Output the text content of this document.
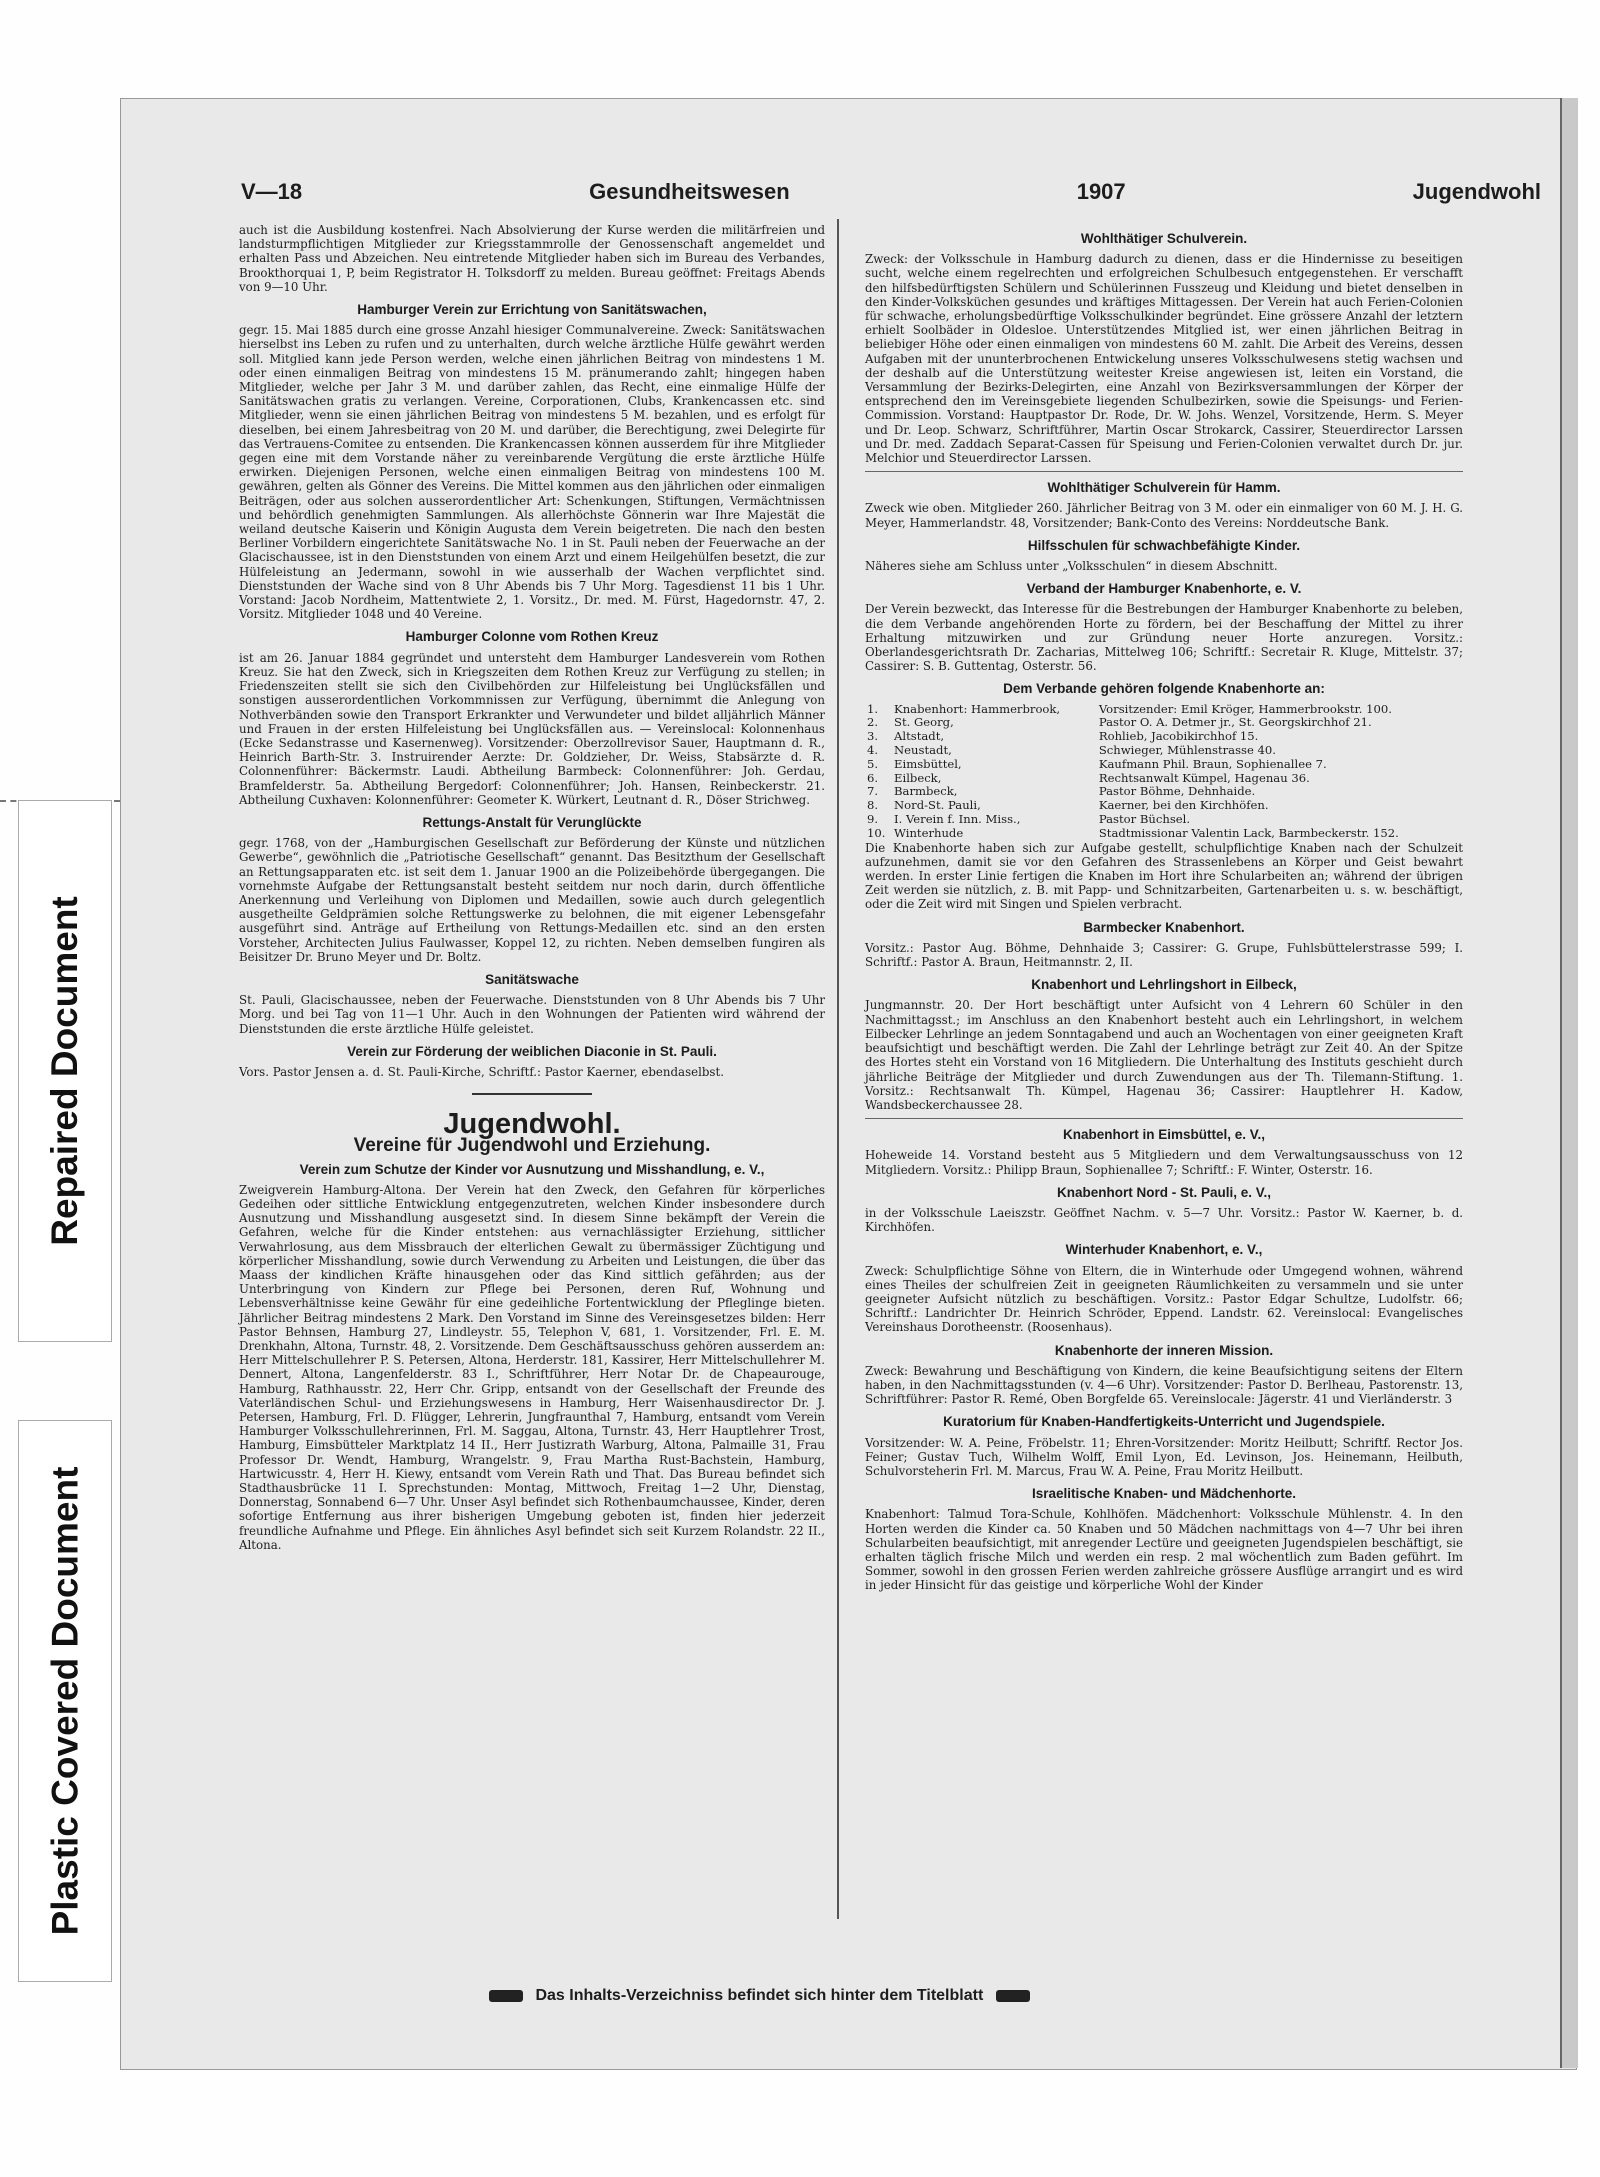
Repaired Document
Plastic Covered Document
V—18	Gesundheitswesen	1907	Jugendwohl

auch ist die Ausbildung kostenfrei. Nach Absolvierung der Kurse werden die militärfreien und landsturmpflichtigen Mitglieder zur Kriegsstammrolle der Genossenschaft angemeldet und erhalten Pass und Abzeichen. Neu eintretende Mitglieder haben sich im Bureau des Verbandes, Brookthorquai 1, P, beim Registrator H. Tolksdorff zu melden. Bureau geöffnet: Freitags Abends von 9—10 Uhr.

Hamburger Verein zur Errichtung von Sanitätswachen,

gegr. 15. Mai 1885 durch eine grosse Anzahl hiesiger Communalvereine. Zweck: Sanitätswachen hierselbst ins Leben zu rufen und zu unterhalten, durch welche ärztliche Hülfe gewährt werden soll. Mitglied kann jede Person werden, welche einen jährlichen Beitrag von mindestens 1 M. oder einen einmaligen Beitrag von mindestens 15 M. pränumerando zahlt; hingegen haben Mitglieder, welche per Jahr 3 M. und darüber zahlen, das Recht, eine einmalige Hülfe der Sanitätswachen gratis zu verlangen. Vereine, Corporationen, Clubs, Krankencassen etc. sind Mitglieder, wenn sie einen jährlichen Beitrag von mindestens 5 M. bezahlen, und es erfolgt für dieselben, bei einem Jahresbeitrag von 20 M. und darüber, die Berechtigung, zwei Delegirte für das Vertrauens-Comitee zu entsenden. Die Krankencassen können ausserdem für ihre Mitglieder gegen eine mit dem Vorstande näher zu vereinbarende Vergütung die erste ärztliche Hülfe erwirken. Diejenigen Personen, welche einen einmaligen Beitrag von mindestens 100 M. gewähren, gelten als Gönner des Vereins. Die Mittel kommen aus den jährlichen oder einmaligen Beiträgen, oder aus solchen ausserordentlicher Art: Schenkungen, Stiftungen, Vermächtnissen und behördlich genehmigten Sammlungen. Als allerhöchste Gönnerin war Ihre Majestät die weiland deutsche Kaiserin und Königin Augusta dem Verein beigetreten. Die nach den besten Berliner Vorbildern eingerichtete Sanitätswache No. 1 in St. Pauli neben der Feuerwache an der Glacischaussee, ist in den Dienststunden von einem Arzt und einem Heilgehülfen besetzt, die zur Hülfeleistung an Jedermann, sowohl in wie ausserhalb der Wachen verpflichtet sind. Dienststunden der Wache sind von 8 Uhr Abends bis 7 Uhr Morg. Tagesdienst 11 bis 1 Uhr. Vorstand: Jacob Nordheim, Mattentwiete 2, 1. Vorsitz., Dr. med. M. Fürst, Hagedornstr. 47, 2. Vorsitz. Mitglieder 1048 und 40 Vereine.

Hamburger Colonne vom Rothen Kreuz

ist am 26. Januar 1884 gegründet und untersteht dem Hamburger Landesverein vom Rothen Kreuz. Sie hat den Zweck, sich in Kriegszeiten dem Rothen Kreuz zur Verfügung zu stellen; in Friedenszeiten stellt sie sich den Civilbehörden zur Hilfeleistung bei Unglücksfällen und sonstigen ausserordentlichen Vorkommnissen zur Verfügung, übernimmt die Anlegung von Nothverbänden sowie den Transport Erkrankter und Verwundeter und bildet alljährlich Männer und Frauen in der ersten Hilfeleistung bei Unglücksfällen aus. — Vereinslocal: Kolonnenhaus (Ecke Sedanstrasse und Kasernenweg). Vorsitzender: Oberzollrevisor Sauer, Hauptmann d. R., Heinrich Barth-Str. 3. Instruirender Aerzte: Dr. Goldzieher, Dr. Weiss, Stabsärzte d. R. Colonnenführer: Bäckermstr. Laudi. Abtheilung Barmbeck: Colonnenführer: Joh. Gerdau, Bramfelderstr. 5a. Abtheilung Bergedorf: Colonnenführer; Joh. Hansen, Reinbeckerstr. 21. Abtheilung Cuxhaven: Kolonnenführer: Geometer K. Würkert, Leutnant d. R., Döser Strichweg.

Rettungs-Anstalt für Verunglückte

gegr. 1768, von der „Hamburgischen Gesellschaft zur Beförderung der Künste und nützlichen Gewerbe“, gewöhnlich die „Patriotische Gesellschaft“ genannt. Das Besitzthum der Gesellschaft an Rettungsapparaten etc. ist seit dem 1. Januar 1900 an die Polizeibehörde übergegangen. Die vornehmste Aufgabe der Rettungsanstalt besteht seitdem nur noch darin, durch öffentliche Anerkennung und Verleihung von Diplomen und Medaillen, sowie auch durch gelegentlich ausgetheilte Geldprämien solche Rettungswerke zu belohnen, die mit eigener Lebensgefahr ausgeführt sind. Anträge auf Ertheilung von Rettungs-Medaillen etc. sind an den ersten Vorsteher, Architecten Julius Faulwasser, Koppel 12, zu richten. Neben demselben fungiren als Beisitzer Dr. Bruno Meyer und Dr. Boltz.

Sanitätswache

St. Pauli, Glacischaussee, neben der Feuerwache. Dienststunden von 8 Uhr Abends bis 7 Uhr Morg. und bei Tag von 11—1 Uhr. Auch in den Wohnungen der Patienten wird während der Dienststunden die erste ärztliche Hülfe geleistet.

Verein zur Förderung der weiblichen Diaconie in St. Pauli.

Vors. Pastor Jensen a. d. St. Pauli-Kirche, Schriftf.: Pastor Kaerner, ebendaselbst.

Jugendwohl.
Vereine für Jugendwohl und Erziehung.
Verein zum Schutze der Kinder vor Ausnutzung und Misshandlung, e. V.,

Zweigverein Hamburg-Altona. Der Verein hat den Zweck, den Gefahren für körperliches Gedeihen oder sittliche Entwicklung entgegenzutreten, welchen Kinder insbesondere durch Ausnutzung und Misshandlung ausgesetzt sind. In diesem Sinne bekämpft der Verein die Gefahren, welche für die Kinder entstehen: aus vernachlässigter Erziehung, sittlicher Verwahrlosung, aus dem Missbrauch der elterlichen Gewalt zu übermässiger Züchtigung und körperlicher Misshandlung, sowie durch Verwendung zu Arbeiten und Leistungen, die über das Maass der kindlichen Kräfte hinausgehen oder das Kind sittlich gefährden; aus der Unterbringung von Kindern zur Pflege bei Personen, deren Ruf, Wohnung und Lebensverhältnisse keine Gewähr für eine gedeihliche Fortentwicklung der Pfleglinge bieten. Jährlicher Beitrag mindestens 2 Mark. Den Vorstand im Sinne des Vereinsgesetzes bilden: Herr Pastor Behnsen, Hamburg 27, Lindleystr. 55, Telephon V, 681, 1. Vorsitzender, Frl. E. M. Drenkhahn, Altona, Turnstr. 48, 2. Vorsitzende. Dem Geschäftsausschuss gehören ausserdem an: Herr Mittelschullehrer P. S. Petersen, Altona, Herderstr. 181, Kassirer, Herr Mittelschullehrer M. Dennert, Altona, Langenfelderstr. 83 I., Schriftführer, Herr Notar Dr. de Chapeaurouge, Hamburg, Rathhausstr. 22, Herr Chr. Gripp, entsandt von der Gesellschaft der Freunde des Vaterländischen Schul- und Erziehungswesens in Hamburg, Herr Waisenhausdirector Dr. J. Petersen, Hamburg, Frl. D. Flügger, Lehrerin, Jungfraunthal 7, Hamburg, entsandt vom Verein Hamburger Volksschullehrerinnen, Frl. M. Saggau, Altona, Turnstr. 43, Herr Hauptlehrer Trost, Hamburg, Eimsbütteler Marktplatz 14 II., Herr Justizrath Warburg, Altona, Palmaille 31, Frau Professor Dr. Wendt, Hamburg, Wrangelstr. 9, Frau Martha Rust-Bachstein, Hamburg, Hartwicusstr. 4, Herr H. Kiewy, entsandt vom Verein Rath und That. Das Bureau befindet sich Stadthausbrücke 11 I. Sprechstunden: Montag, Mittwoch, Freitag 1—2 Uhr, Dienstag, Donnerstag, Sonnabend 6—7 Uhr. Unser Asyl befindet sich Rothenbaumchaussee, Kinder, deren sofortige Entfernung aus ihrer bisherigen Umgebung geboten ist, finden hier jederzeit freundliche Aufnahme und Pflege. Ein ähnliches Asyl befindet sich seit Kurzem Rolandstr. 22 II., Altona.

Wohlthätiger Schulverein.

Zweck: der Volksschule in Hamburg dadurch zu dienen, dass er die Hindernisse zu beseitigen sucht, welche einem regelrechten und erfolgreichen Schulbesuch entgegenstehen. Er verschafft den hilfsbedürftigsten Schülern und Schülerinnen Fusszeug und Kleidung und bietet denselben in den Kinder-Volksküchen gesundes und kräftiges Mittagessen. Der Verein hat auch Ferien-Colonien für schwache, erholungsbedürftige Volksschulkinder begründet. Eine grössere Anzahl der letztern erhielt Soolbäder in Oldesloe. Unterstützendes Mitglied ist, wer einen jährlichen Beitrag in beliebiger Höhe oder einen einmaligen von mindestens 60 M. zahlt. Die Arbeit des Vereins, dessen Aufgaben mit der ununterbrochenen Entwickelung unseres Volksschulwesens stetig wachsen und der deshalb auf die Unterstützung weitester Kreise angewiesen ist, leiten ein Vorstand, die Versammlung der Bezirks-Delegirten, eine Anzahl von Bezirksversammlungen der Körper der entsprechend den im Vereinsgebiete liegenden Schulbezirken, sowie die Speisungs- und Ferien-Commission. Vorstand: Hauptpastor Dr. Rode, Dr. W. Johs. Wenzel, Vorsitzende, Herm. S. Meyer und Dr. Leop. Schwarz, Schriftführer, Martin Oscar Strokarck, Cassirer, Steuerdirector Larssen und Dr. med. Zaddach Separat-Cassen für Speisung und Ferien-Colonien verwaltet durch Dr. jur. Melchior und Steuerdirector Larssen.

Wohlthätiger Schulverein für Hamm.

Zweck wie oben. Mitglieder 260. Jährlicher Beitrag von 3 M. oder ein einmaliger von 60 M. J. H. G. Meyer, Hammerlandstr. 48, Vorsitzender; Bank-Conto des Vereins: Norddeutsche Bank.

Hilfsschulen für schwachbefähigte Kinder.

Näheres siehe am Schluss unter „Volksschulen“ in diesem Abschnitt.

Verband der Hamburger Knabenhorte, e. V.

Der Verein bezweckt, das Interesse für die Bestrebungen der Hamburger Knabenhorte zu beleben, die dem Verbande angehörenden Horte zu fördern, bei der Beschaffung der Mittel zu ihrer Erhaltung mitzuwirken und zur Gründung neuer Horte anzuregen. Vorsitz.: Oberlandesgerichtsrath Dr. Zacharias, Mittelweg 106; Schriftf.: Secretair R. Kluge, Mittelstr. 37; Cassirer: S. B. Guttentag, Osterstr. 56.

Dem Verbande gehören folgende Knabenhorte an:
1.	Knabenhort: Hammerbrook,	Vorsitzender: Emil Kröger, Hammerbrookstr. 100.
2.	St. Georg,	Pastor O. A. Detmer jr., St. Georgskirchhof 21.
3.	Altstadt,	Rohlieb, Jacobikirchhof 15.
4.	Neustadt,	Schwieger, Mühlenstrasse 40.
5.	Eimsbüttel,	Kaufmann Phil. Braun, Sophienallee 7.
6.	Eilbeck,	Rechtsanwalt Kümpel, Hagenau 36.
7.	Barmbeck,	Pastor Böhme, Dehnhaide.
8.	Nord-St. Pauli,	Kaerner, bei den Kirchhöfen.
9.	I. Verein f. Inn. Miss.,	Pastor Büchsel.
10.	Winterhude	Stadtmissionar Valentin Lack, Barmbeckerstr. 152.

Die Knabenhorte haben sich zur Aufgabe gestellt, schulpflichtige Knaben nach der Schulzeit aufzunehmen, damit sie vor den Gefahren des Strassenlebens an Körper und Geist bewahrt werden. In erster Linie fertigen die Knaben im Hort ihre Schularbeiten an; während der übrigen Zeit werden sie nützlich, z. B. mit Papp- und Schnitzarbeiten, Gartenarbeiten u. s. w. beschäftigt, oder die Zeit wird mit Singen und Spielen verbracht.

Barmbecker Knabenhort.

Vorsitz.: Pastor Aug. Böhme, Dehnhaide 3; Cassirer: G. Grupe, Fuhlsbüttelerstrasse 599; I. Schriftf.: Pastor A. Braun, Heitmannstr. 2, II.

Knabenhort und Lehrlingshort in Eilbeck,

Jungmannstr. 20. Der Hort beschäftigt unter Aufsicht von 4 Lehrern 60 Schüler in den Nachmittagsst.; im Anschluss an den Knabenhort besteht auch ein Lehrlingshort, in welchem Eilbecker Lehrlinge an jedem Sonntagabend und auch an Wochentagen von einer geeigneten Kraft beaufsichtigt und beschäftigt werden. Die Zahl der Lehrlinge beträgt zur Zeit 40. An der Spitze des Hortes steht ein Vorstand von 16 Mitgliedern. Die Unterhaltung des Instituts geschieht durch jährliche Beiträge der Mitglieder und durch Zuwendungen aus der Th. Tilemann-Stiftung. 1. Vorsitz.: Rechtsanwalt Th. Kümpel, Hagenau 36; Cassirer: Hauptlehrer H. Kadow, Wandsbeckerchaussee 28.

Knabenhort in Eimsbüttel, e. V.,

Hoheweide 14. Vorstand besteht aus 5 Mitgliedern und dem Verwaltungsausschuss von 12 Mitgliedern. Vorsitz.: Philipp Braun, Sophienallee 7; Schriftf.: F. Winter, Osterstr. 16.

Knabenhort Nord - St. Pauli, e. V.,

in der Volksschule Laeiszstr. Geöffnet Nachm. v. 5—7 Uhr. Vorsitz.: Pastor W. Kaerner, b. d. Kirchhöfen.

Winterhuder Knabenhort, e. V.,

Zweck: Schulpflichtige Söhne von Eltern, die in Winterhude oder Umgegend wohnen, während eines Theiles der schulfreien Zeit in geeigneten Räumlichkeiten zu versammeln und sie unter geeigneter Aufsicht nützlich zu beschäftigen. Vorsitz.: Pastor Edgar Schultze, Ludolfstr. 66; Schriftf.: Landrichter Dr. Heinrich Schröder, Eppend. Landstr. 62. Vereinslocal: Evangelisches Vereinshaus Dorotheenstr. (Roosenhaus).

Knabenhorte der inneren Mission.

Zweck: Bewahrung und Beschäftigung von Kindern, die keine Beaufsichtigung seitens der Eltern haben, in den Nachmittagsstunden (v. 4—6 Uhr). Vorsitzender: Pastor D. Berlheau, Pastorenstr. 13, Schriftführer: Pastor R. Remé, Oben Borgfelde 65. Vereinslocale: Jägerstr. 41 und Vierländerstr. 3

Kuratorium für Knaben-Handfertigkeits-Unterricht und Jugendspiele.

Vorsitzender: W. A. Peine, Fröbelstr. 11; Ehren-Vorsitzender: Moritz Heilbutt; Schriftf. Rector Jos. Feiner; Gustav Tuch, Wilhelm Wolff, Emil Lyon, Ed. Levinson, Jos. Heinemann, Heilbuth, Schulvorsteherin Frl. M. Marcus, Frau W. A. Peine, Frau Moritz Heilbutt.

Israelitische Knaben- und Mädchenhorte.

Knabenhort: Talmud Tora-Schule, Kohlhöfen. Mädchenhort: Volksschule Mühlenstr. 4. In den Horten werden die Kinder ca. 50 Knaben und 50 Mädchen nachmittags von 4—7 Uhr bei ihren Schularbeiten beaufsichtigt, mit anregender Lectüre und geeigneten Jugendspielen beschäftigt, sie erhalten täglich frische Milch und werden ein resp. 2 mal wöchentlich zum Baden geführt. Im Sommer, sowohl in den grossen Ferien werden zahlreiche grössere Ausflüge arrangirt und es wird in jeder Hinsicht für das geistige und körperliche Wohl der Kinder

Das Inhalts-Verzeichniss befindet sich hinter dem Titelblatt
